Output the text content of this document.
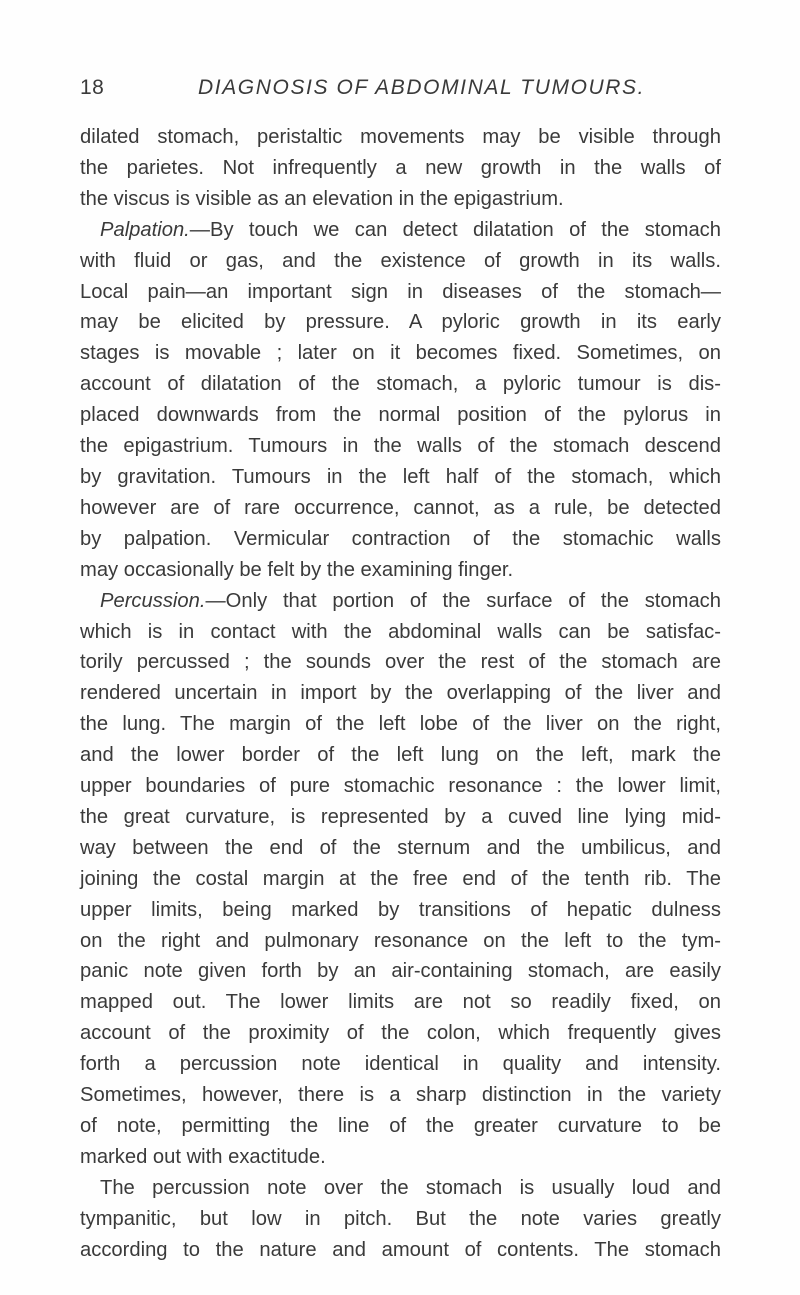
18	DIAGNOSIS OF ABDOMINAL TUMOURS.
dilated stomach, peristaltic movements may be visible through
the parietes. Not infrequently a new growth in the walls of
the viscus is visible as an elevation in the epigastrium.
Palpation.—By touch we can detect dilatation of the stomach
with fluid or gas, and the existence of growth in its walls.
Local pain—an important sign in diseases of the stomach—
may be elicited by pressure. A pyloric growth in its early
stages is movable ; later on it becomes fixed. Sometimes, on
account of dilatation of the stomach, a pyloric tumour is dis-
placed downwards from the normal position of the pylorus in
the epigastrium. Tumours in the walls of the stomach descend
by gravitation. Tumours in the left half of the stomach, which
however are of rare occurrence, cannot, as a rule, be detected
by palpation. Vermicular contraction of the stomachic walls
may occasionally be felt by the examining finger.
Percussion.—Only that portion of the surface of the stomach
which is in contact with the abdominal walls can be satisfac-
torily percussed ; the sounds over the rest of the stomach are
rendered uncertain in import by the overlapping of the liver and
the lung. The margin of the left lobe of the liver on the right,
and the lower border of the left lung on the left, mark the
upper boundaries of pure stomachic resonance : the lower limit,
the great curvature, is represented by a cuved line lying mid-
way between the end of the sternum and the umbilicus, and
joining the costal margin at the free end of the tenth rib. The
upper limits, being marked by transitions of hepatic dulness
on the right and pulmonary resonance on the left to the tym-
panic note given forth by an air-containing stomach, are easily
mapped out. The lower limits are not so readily fixed, on
account of the proximity of the colon, which frequently gives
forth a percussion note identical in quality and intensity.
Sometimes, however, there is a sharp distinction in the variety
of note, permitting the line of the greater curvature to be
marked out with exactitude.
The percussion note over the stomach is usually loud and
tympanitic, but low in pitch. But the note varies greatly
according to the nature and amount of contents. The stomach
